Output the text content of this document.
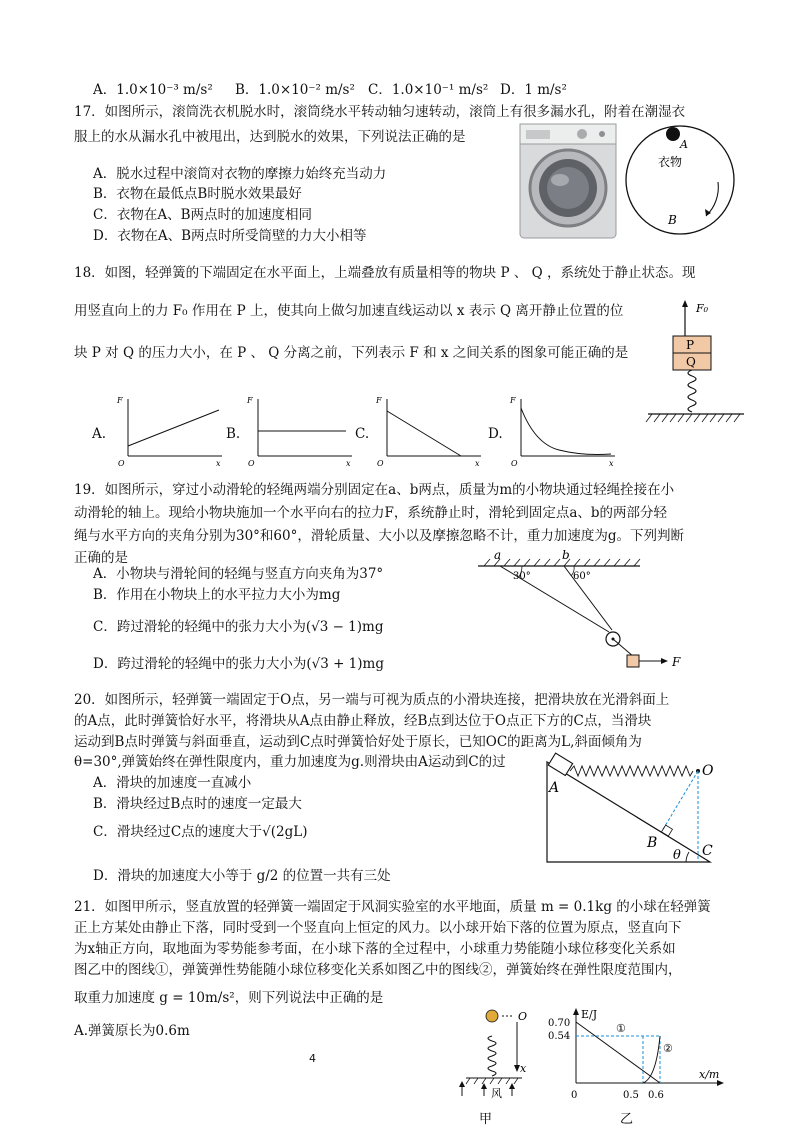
A．1.0×10⁻³ m/s² B．1.0×10⁻² m/s² C．1.0×10⁻¹ m/s² D．1 m/s²
17．如图所示，滚筒洗衣机脱水时，滚筒绕水平转动轴匀速转动，滚筒上有很多漏水孔，附着在潮湿衣
服上的水从漏水孔中被甩出，达到脱水的效果，下列说法正确的是
A．脱水过程中滚筒对衣物的摩擦力始终充当动力
B．衣物在最低点B时脱水效果最好
C．衣物在A、B两点时的加速度相同
D．衣物在A、B两点时所受筒壁的力大小相等
A
衣物
B
18．如图，轻弹簧的下端固定在水平面上，上端叠放有质量相等的物块 P 、 Q ，系统处于静止状态。现
用竖直向上的力 F₀ 作用在 P 上，使其向上做匀加速直线运动以 x 表示 Q 离开静止位置的位
块 P 对 Q 的压力大小，在 P 、 Q 分离之前，下列表示 F 和 x 之间关系的图象可能正确的是
F₀
P
Q
A.	B.	C.	D.
F
O	x
F
O	x
F
O	x
F
O	x
19．如图所示，穿过小动滑轮的轻绳两端分别固定在a、b两点，质量为m的小物块通过轻绳拴接在小
动滑轮的轴上。现给小物块施加一个水平向右的拉力F，系统静止时，滑轮到固定点a、b的两部分轻
绳与水平方向的夹角分别为30°和60°，滑轮质量、大小以及摩擦忽略不计，重力加速度为g。下列判断
正确的是
A．小物块与滑轮间的轻绳与竖直方向夹角为37°
B．作用在小物块上的水平拉力大小为mg
C．跨过滑轮的轻绳中的张力大小为(√3 − 1)mg
D．跨过滑轮的轻绳中的张力大小为(√3 + 1)mg
a	b
30°	60°
F
20．如图所示，轻弹簧一端固定于O点，另一端与可视为质点的小滑块连接，把滑块放在光滑斜面上
的A点，此时弹簧恰好水平，将滑块从A点由静止释放，经B点到达位于O点正下方的C点，当滑块
运动到B点时弹簧与斜面垂直，运动到C点时弹簧恰好处于原长，已知OC的距离为L,斜面倾角为
θ=30°,弹簧始终在弹性限度内，重力加速度为g.则滑块由A运动到C的过
A．滑块的加速度一直减小
B．滑块经过B点时的速度一定最大
C．滑块经过C点的速度大于√(2gL)
D．滑块的加速度大小等于 g/2 的位置一共有三处
O
A
B	C
θ
21．如图甲所示，竖直放置的轻弹簧一端固定于风洞实验室的水平地面，质量 m = 0.1kg 的小球在轻弹簧
正上方某处由静止下落，同时受到一个竖直向上恒定的风力。以小球开始下落的位置为原点，竖直向下
为x轴正方向，取地面为零势能参考面，在小球下落的全过程中，小球重力势能随小球位移变化关系如
图乙中的图线①，弹簧弹性势能随小球位移变化关系如图乙中的图线②，弹簧始终在弹性限度范围内，
取重力加速度 g = 10m/s²，则下列说法中正确的是
A.弹簧原长为0.6m
O
x
风
甲
E/J
x/m
0.70
0.54
0	0.5 0.6
①
②
乙
4
